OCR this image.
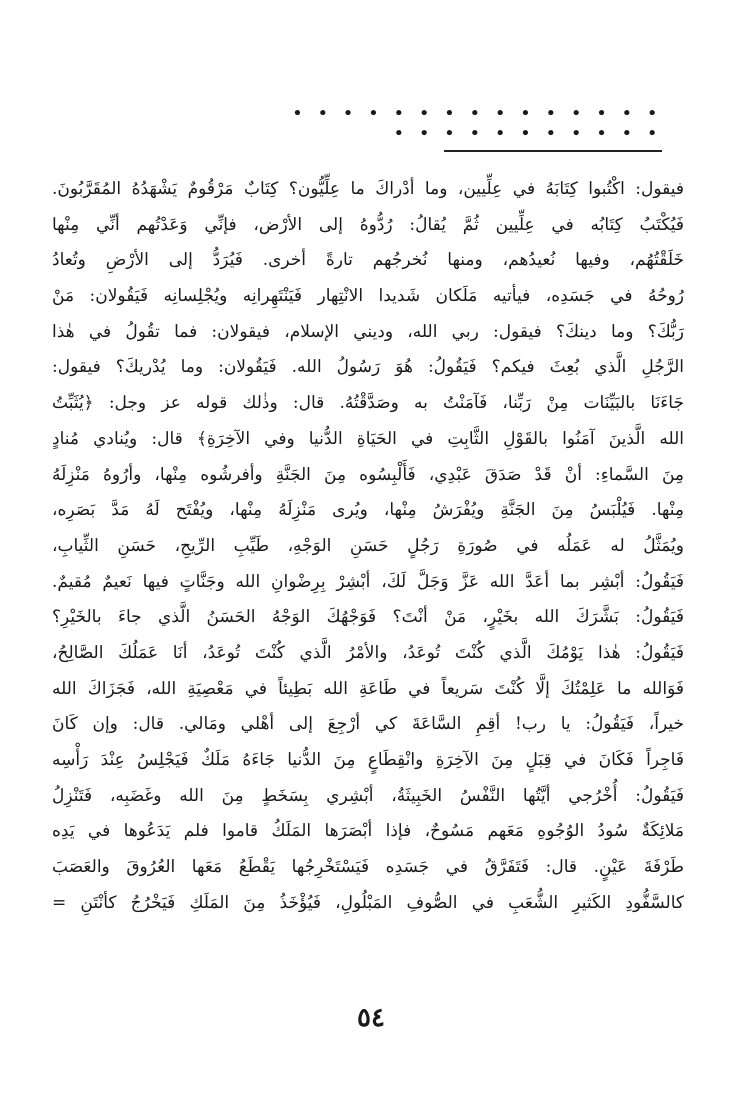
• • • • • • • • • • • • • • • • • • • • • • • • • •
فيقول: اكْتُبوا كِتَابَهُ في عِلِّيين، وما أدْراكَ ما عِلِّيُّون؟ كِتَابٌ مَرْقُومٌ يَشْهَدُهُ المُقَرَّبُونَ.
فَيُكْتَبُ كِتَابُه في عِلِّيين ثُمَّ يُقالُ: رُدُّوهُ إلى الأرْض، فإنِّي وَعَدْتُهم أنِّي مِنْها
خَلَقْتُهُم، وفيها نُعيدُهم، ومنها نُخرجُهم تارةً أخرى. فَيُرَدُّ إلى الأرْضِ وتُعادُ
رُوحُهُ في جَسَدِه، فيأتيه مَلَكان شَديدا الانْتِهار فَيَنْتَهِرانِه ويُجْلِسانِه فَيَقُولان: مَنْ
رَبُّكَ؟ وما دينكَ؟ فيقول: ربي الله، وديني الإسلام، فيقولان: فما تقُولُ في هٰذا
الرَّجُلِ الَّذي بُعِثَ فيكم؟ فَيَقُولُ: هُوَ رَسُولُ الله. فَيَقُولان: وما يُدْريكَ؟ فيقول:
جَاءَنَا بالبَيِّنَات مِنْ رَبِّنا، فَآمَنْتُ به وصَدَّقْتُهُ. قال: وذٰلك قوله عز وجل: ﴿يُثَبِّتُ
الله الَّذينَ آمَنُوا بالقَوْلِ الثَّابِتِ في الحَيَاةِ الدُّنيا وفي الآخِرَةِ﴾ قال: ويُنادي مُنادٍ
مِنَ السَّماءِ: أنْ قَدْ صَدَقَ عَبْدِي، فَأَلْبِسُوه مِنَ الجَنَّةِ وأفرشُوه مِنْها، وأرُوهُ مَنْزِلَهُ
مِنْها. فَيُلْبَسُ مِنَ الجَنَّةِ ويُفْرَشُ مِنْها، ويُرى مَنْزِلَهُ مِنْها، ويُفْتَح لَهُ مَدَّ بَصَرِه،
ويُمَثَّلُ له عَمَلُه في صُورَةِ رَجُلٍ حَسَنِ الوَجْهِ، طَيِّبِ الرِّيحِ، حَسَنِ الثِّيابِ،
فَيَقُولُ: أبْشِر بما أعَدَّ الله عَزَّ وَجَلَّ لَكَ، أبْشِرْ بِرِضْوانِ الله وجَنَّاتٍ فيها نَعيمٌ مُقيمٌ.
فَيَقُولُ: بَشَّرَكَ الله بخَيْرٍ، مَنْ أنْتَ؟ فَوَجْهُكَ الوَجْهُ الحَسَنُ الَّذي جاءَ بالخَيْرِ؟
فَيَقُولُ: هٰذا يَوْمُكَ الَّذي كُنْتَ تُوعَدُ، والأمْرُ الَّذي كُنْتَ تُوعَدُ، أنَا عَمَلُكَ الصَّالِحُ،
فَوَالله ما عَلِمْتُكَ إلَّا كُنْتَ سَريعاً في طَاعَةِ الله بَطِيئاً في مَعْصِيَةِ الله، فَجَزَاكَ الله
خيراً، فَيَقُولُ: يا رب! أقِمِ السَّاعَةَ كي أرْجِعَ إلى أهْلي ومَالي. قال: وإن كَانَ
فَاجِراً فَكَانَ في قِبَلٍ مِنَ الآخِرَةِ وانْقِطَاعٍ مِنَ الدُّنيا جَاءَهُ مَلَكٌ فَيَجْلِسُ عِنْدَ رَأْسِه
فَيَقُولُ: أُخْرُجي أيَّتُها النَّفْسُ الخَبِيثَةُ، أبْشِري بِسَخَطٍ مِنَ الله وغَضَبِه، فَتَنْزِلُ
مَلائِكَةٌ سُودُ الوُجُوهِ مَعَهم مَسُوحٌ، فإذا أبْصَرَها المَلَكُ قاموا فلم يَدَعُوها في يَدِه
طَرْفَةَ عَيْنٍ. قال: فَتَفَرَّقُ في جَسَدِه فَيَسْتَخْرِجُها يَقْطَعُ مَعَها العُرُوقَ والعَصَبَ
كالسَّفُّودِ الكَثيرِ الشُّعَبِ في الصُّوفِ المَبْلُولِ، فَيُؤْخَذُ مِنَ المَلَكِ فَيَخْرُجُ كأنْتَنِ =
٥٤
